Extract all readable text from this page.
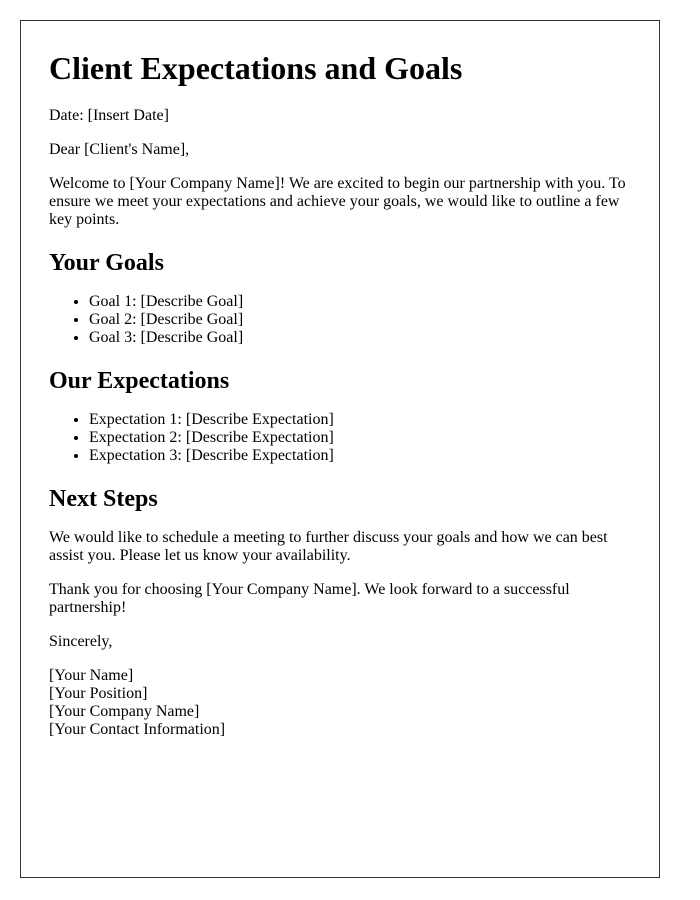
Client Expectations and Goals

Date: [Insert Date]

Dear [Client's Name],

Welcome to [Your Company Name]! We are excited to begin our partnership with you. To ensure we meet your expectations and achieve your goals, we would like to outline a few key points.

Your Goals
• Goal 1: [Describe Goal]
• Goal 2: [Describe Goal]
• Goal 3: [Describe Goal]
Our Expectations
• Expectation 1: [Describe Expectation]
• Expectation 2: [Describe Expectation]
• Expectation 3: [Describe Expectation]
Next Steps

We would like to schedule a meeting to further discuss your goals and how we can best assist you. Please let us know your availability.

Thank you for choosing [Your Company Name]. We look forward to a successful partnership!

Sincerely,

[Your Name]
[Your Position]
[Your Company Name]
[Your Contact Information]
